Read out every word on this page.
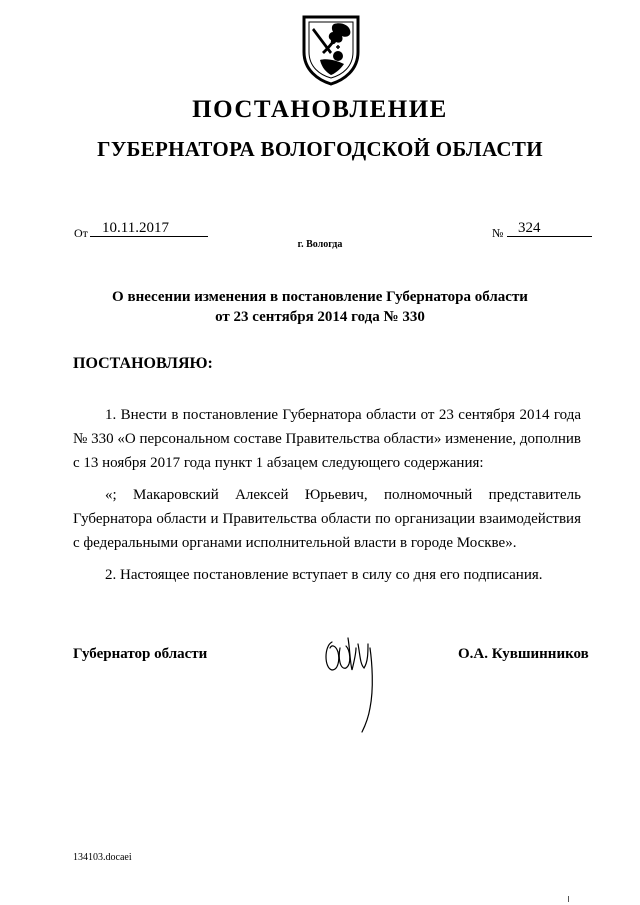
ПОСТАНОВЛЕНИЕ
ГУБЕРНАТОРА ВОЛОГОДСКОЙ ОБЛАСТИ
От 10.11.2017	№ 324
г. Вологда
О внесении изменения в постановление Губернатора области
от 23 сентября 2014 года № 330
ПОСТАНОВЛЯЮ:
1. Внести в постановление Губернатора области от 23 сентября 2014 года № 330 «О персональном составе Правительства области» изменение, дополнив с 13 ноября 2017 года пункт 1 абзацем следующего содержания:
«; Макаровский Алексей Юрьевич, полномочный представитель Губернатора области и Правительства области по организации взаимодействия с федеральными органами исполнительной власти в городе Москве».
2. Настоящее постановление вступает в силу со дня его подписания.
Губернатор области	О.А. Кувшинников
134103.docaei
